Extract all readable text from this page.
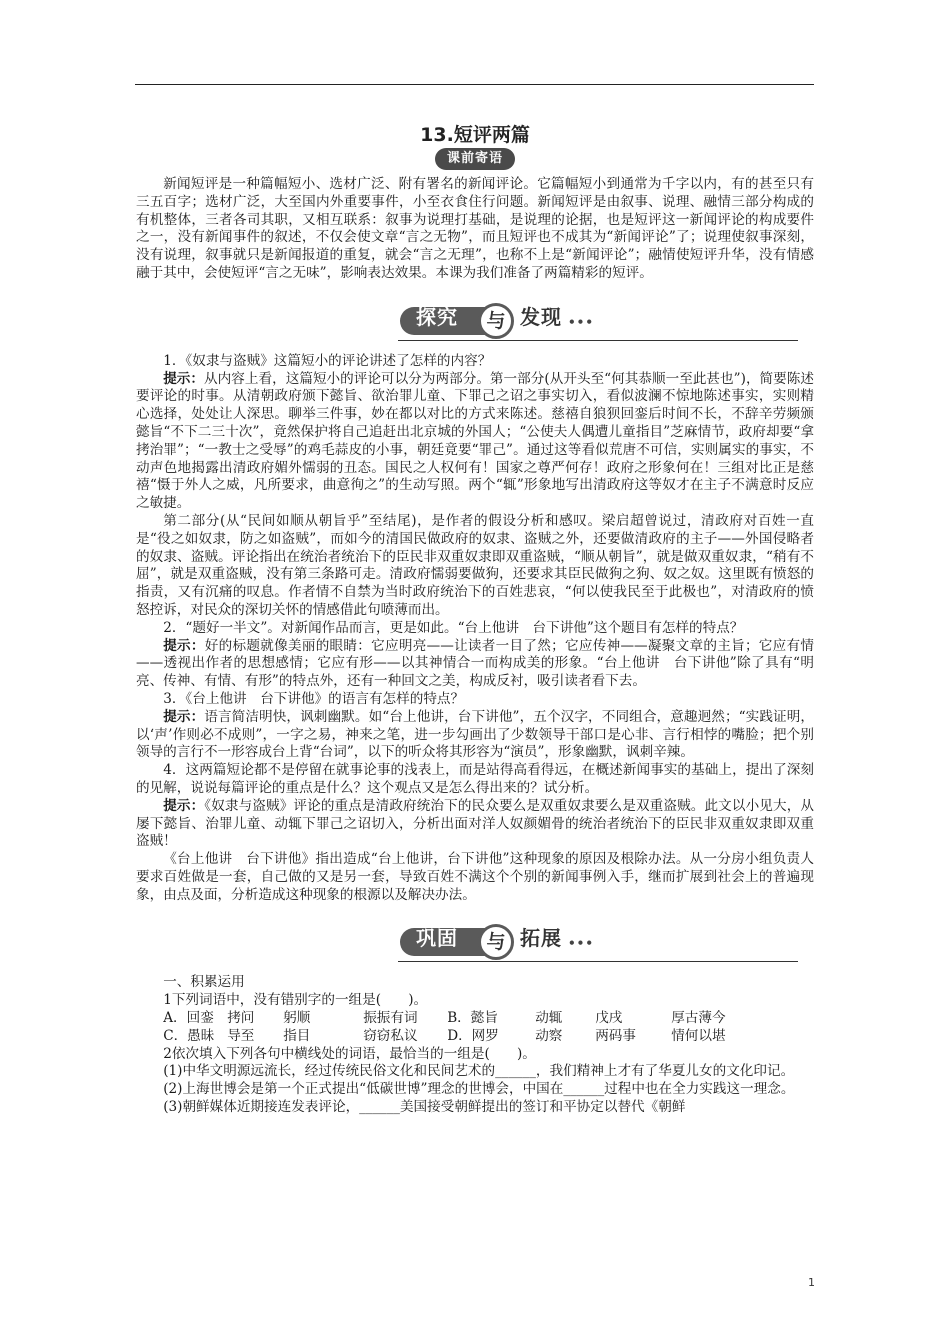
13.短评两篇
课前寄语

新闻短评是一种篇幅短小、选材广泛、附有署名的新闻评论。它篇幅短小到通常为千字以内，有的甚至只有三五百字；选材广泛，大至国内外重要事件，小至衣食住行问题。新闻短评是由叙事、说理、融情三部分构成的有机整体，三者各司其职，又相互联系：叙事为说理打基础，是说理的论据，也是短评这一新闻评论的构成要件之一，没有新闻事件的叙述，不仅会使文章“言之无物”，而且短评也不成其为“新闻评论”了；说理使叙事深刻，没有说理，叙事就只是新闻报道的重复，就会“言之无理”，也称不上是“新闻评论”；融情使短评升华，没有情感融于其中，会使短评“言之无味”，影响表达效果。本课为我们准备了两篇精彩的短评。

探究	与 发现 •••

1．《奴隶与盗贼》这篇短小的评论讲述了怎样的内容？

提示：从内容上看，这篇短小的评论可以分为两部分。第一部分(从开头至“何其恭顺一至此甚也”)，简要陈述要评论的时事。从清朝政府颁下懿旨、欲治罪儿童、下罪己之诏之事实切入，看似波澜不惊地陈述事实，实则精心选择，处处让人深思。聊举三件事，妙在都以对比的方式来陈述。慈禧自狼狈回銮后时间不长，不辞辛劳频颁懿旨“不下二三十次”，竟然保护将自己追赶出北京城的外国人；“公使夫人偶遭儿童指目”芝麻情节，政府却要“拿拷治罪”；“一教士之受辱”的鸡毛蒜皮的小事，朝廷竟要“罪己”。通过这等看似荒唐不可信，实则属实的事实，不动声色地揭露出清政府媚外懦弱的丑态。国民之人权何有！国家之尊严何存！政府之形象何在！三组对比正是慈禧“慑于外人之威，凡所要求，曲意徇之”的生动写照。两个“辄”形象地写出清政府这等奴才在主子不满意时反应之敏捷。

第二部分(从“民间如顺从朝旨乎”至结尾)，是作者的假设分析和感叹。梁启超曾说过，清政府对百姓一直是“役之如奴隶，防之如盗贼”，而如今的清国民做政府的奴隶、盗贼之外，还要做清政府的主子——外国侵略者的奴隶、盗贼。评论指出在统治者统治下的臣民非双重奴隶即双重盗贼，“顺从朝旨”，就是做双重奴隶，“稍有不屈”，就是双重盗贼，没有第三条路可走。清政府懦弱要做狗，还要求其臣民做狗之狗、奴之奴。这里既有愤怒的指责，又有沉痛的叹息。作者情不自禁为当时政府统治下的百姓悲哀，“何以使我民至于此极也”，对清政府的愤怒控诉，对民众的深切关怀的情感借此句喷薄而出。

2．“题好一半文”。对新闻作品而言，更是如此。“台上他讲　台下讲他”这个题目有怎样的特点？

提示：好的标题就像美丽的眼睛：它应明亮——让读者一目了然；它应传神——凝聚文章的主旨；它应有情——透视出作者的思想感情；它应有形——以其神情合一而构成美的形象。“台上他讲　台下讲他”除了具有“明亮、传神、有情、有形”的特点外，还有一种回文之美，构成反衬，吸引读者看下去。

3．《台上他讲　台下讲他》的语言有怎样的特点？

提示：语言简洁明快，讽刺幽默。如“台上他讲，台下讲他”，五个汉字，不同组合，意趣迥然；“实践证明，以‘声’作则必不成则”，一字之易，神来之笔，进一步勾画出了少数领导干部口是心非、言行相悖的嘴脸；把个别领导的言行不一形容成台上背“台词”，以下的听众将其形容为“演员”，形象幽默，讽刺辛辣。

4．这两篇短论都不是停留在就事论事的浅表上，而是站得高看得远，在概述新闻事实的基础上，提出了深刻的见解，说说每篇评论的重点是什么？这个观点又是怎么得出来的？试分析。

提示：《奴隶与盗贼》评论的重点是清政府统治下的民众要么是双重奴隶要么是双重盗贼。此文以小见大，从屡下懿旨、治罪儿童、动辄下罪己之诏切入，分析出面对洋人奴颜媚骨的统治者统治下的臣民非双重奴隶即双重盗贼！

《台上他讲　台下讲他》指出造成“台上他讲，台下讲他”这种现象的原因及根除办法。从一分房小组负责人要求百姓做是一套，自己做的又是另一套，导致百姓不满这个个别的新闻事例入手，继而扩展到社会上的普遍现象，由点及面，分析造成这种现象的根源以及解决办法。

巩固	与 拓展 •••

一、积累运用

1下列词语中，没有错别字的一组是(　　)。

A．回銮 拷问	躬顺	振振有词	B．懿旨	动辄	戊戌	厚古薄今
C．愚昧 导至	指目	窃窃私议	D．网罗	动察	两码事	情何以堪

2依次填入下列各句中横线处的词语，最恰当的一组是(　　)。

(1)中华文明源远流长，经过传统民俗文化和民间艺术的______，我们精神上才有了华夏儿女的文化印记。

(2)上海世博会是第一个正式提出“低碳世博”理念的世博会，中国在______过程中也在全力实践这一理念。

(3)朝鲜媒体近期接连发表评论，______美国接受朝鲜提出的签订和平协定以替代《朝鲜

1
